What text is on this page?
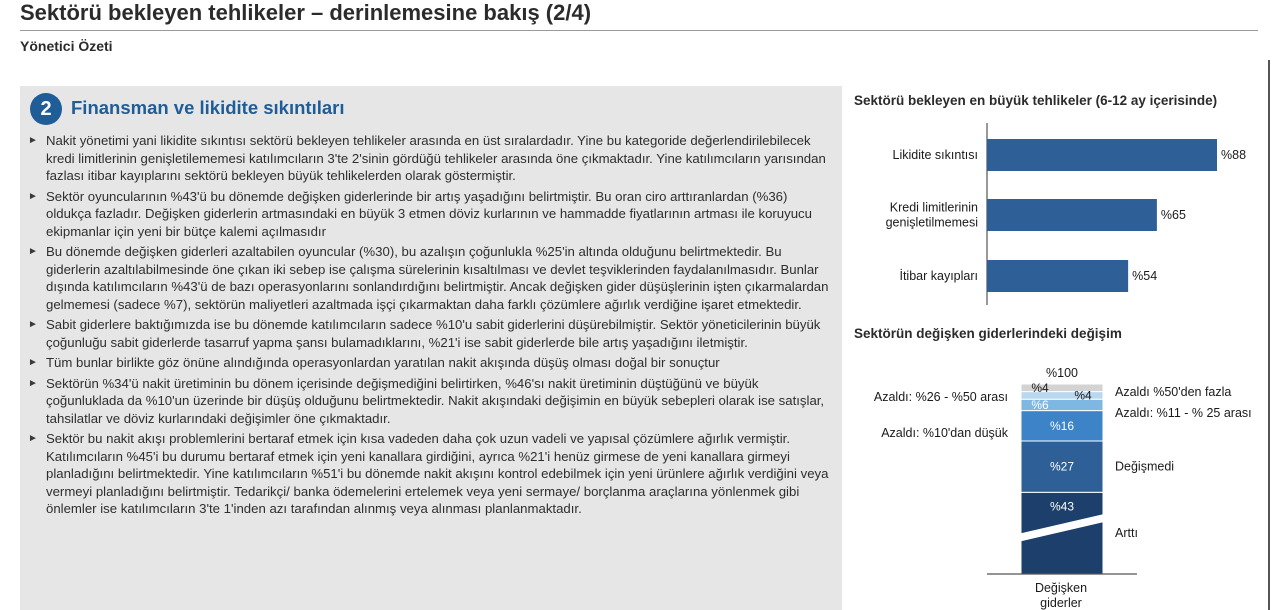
Sektörü bekleyen tehlikeler – derinlemesine bakış (2/4)
Yönetici Özeti
2	Finansman ve likidite sıkıntıları
► Nakit yönetimi yani likidite sıkıntısı sektörü bekleyen tehlikeler arasında en üst sıralardadır. Yine bu kategoride değerlendirilebilecek kredi limitlerinin genişletilememesi katılımcıların 3'te 2'sinin gördüğü tehlikeler arasında öne çıkmaktadır. Yine katılımcıların yarısından fazlası itibar kayıplarını sektörü bekleyen büyük tehlikelerden olarak göstermiştir.
► Sektör oyuncularının %43'ü bu dönemde değişken giderlerinde bir artış yaşadığını belirtmiştir. Bu oran ciro arttıranlardan (%36) oldukça fazladır. Değişken giderlerin artmasındaki en büyük 3 etmen döviz kurlarının ve hammadde fiyatlarının artması ile koruyucu ekipmanlar için yeni bir bütçe kalemi açılmasıdır
► Bu dönemde değişken giderleri azaltabilen oyuncular (%30), bu azalışın çoğunlukla %25'in altında olduğunu belirtmektedir. Bu giderlerin azaltılabilmesinde öne çıkan iki sebep ise çalışma sürelerinin kısaltılması ve devlet teşviklerinden faydalanılmasıdır. Bunlar dışında katılımcıların %43'ü de bazı operasyonlarını sonlandırdığını belirtmiştir. Ancak değişken gider düşüşlerinin işten çıkarmalardan gelmemesi (sadece %7), sektörün maliyetleri azaltmada işçi çıkarmaktan daha farklı çözümlere ağırlık verdiğine işaret etmektedir.
► Sabit giderlere baktığımızda ise bu dönemde katılımcıların sadece %10'u sabit giderlerini düşürebilmiştir. Sektör yöneticilerinin büyük çoğunluğu sabit giderlerde tasarruf yapma şansı bulamadıklarını, %21'i ise sabit giderlerde bile artış yaşadığını iletmiştir.
► Tüm bunlar birlikte göz önüne alındığında operasyonlardan yaratılan nakit akışında düşüş olması doğal bir sonuçtur
► Sektörün %34'ü nakit üretiminin bu dönem içerisinde değişmediğini belirtirken, %46'sı nakit üretiminin düştüğünü ve büyük çoğunluklada da %10'un üzerinde bir düşüş olduğunu belirtmektedir. Nakit akışındaki değişimin en büyük sebepleri olarak ise satışlar, tahsilatlar ve döviz kurlarındaki değişimler öne çıkmaktadır.
► Sektör bu nakit akışı problemlerini bertaraf etmek için kısa vadeden daha çok uzun vadeli ve yapısal çözümlere ağırlık vermiştir. Katılımcıların %45'i bu durumu bertaraf etmek için yeni kanallara girdiğini, ayrıca %21'i henüz girmese de yeni kanallara girmeyi planladığını belirtmektedir. Yine katılımcıların %51'i bu dönemde nakit akışını kontrol edebilmek için yeni ürünlere ağırlık verdiğini veya vermeyi planladığını belirtmiştir. Tedarikçi/ banka ödemelerini ertelemek veya yeni sermaye/ borçlanma araçlarına yönlenmek gibi önlemler ise katılımcıların 3'te 1'inden azı tarafından alınmış veya alınması planlanmaktadır.
Sektörü bekleyen en büyük tehlikeler (6-12 ay içerisinde)
Sektörün değişken giderlerindeki değişim
%88
Likidite sıkıntısı
%65
Kredi limitlerinin
genişletilmemesi
%54
İtibar kayıpları
%43
%27
%16
%6
%4
%4
%100
Arttı
Değişmedi
Azaldı: %10'dan düşük
Azaldı: %11 - % 25 arası
Azaldı: %26 - %50 arası	Azaldı %50'den fazla
Değişken
giderler
